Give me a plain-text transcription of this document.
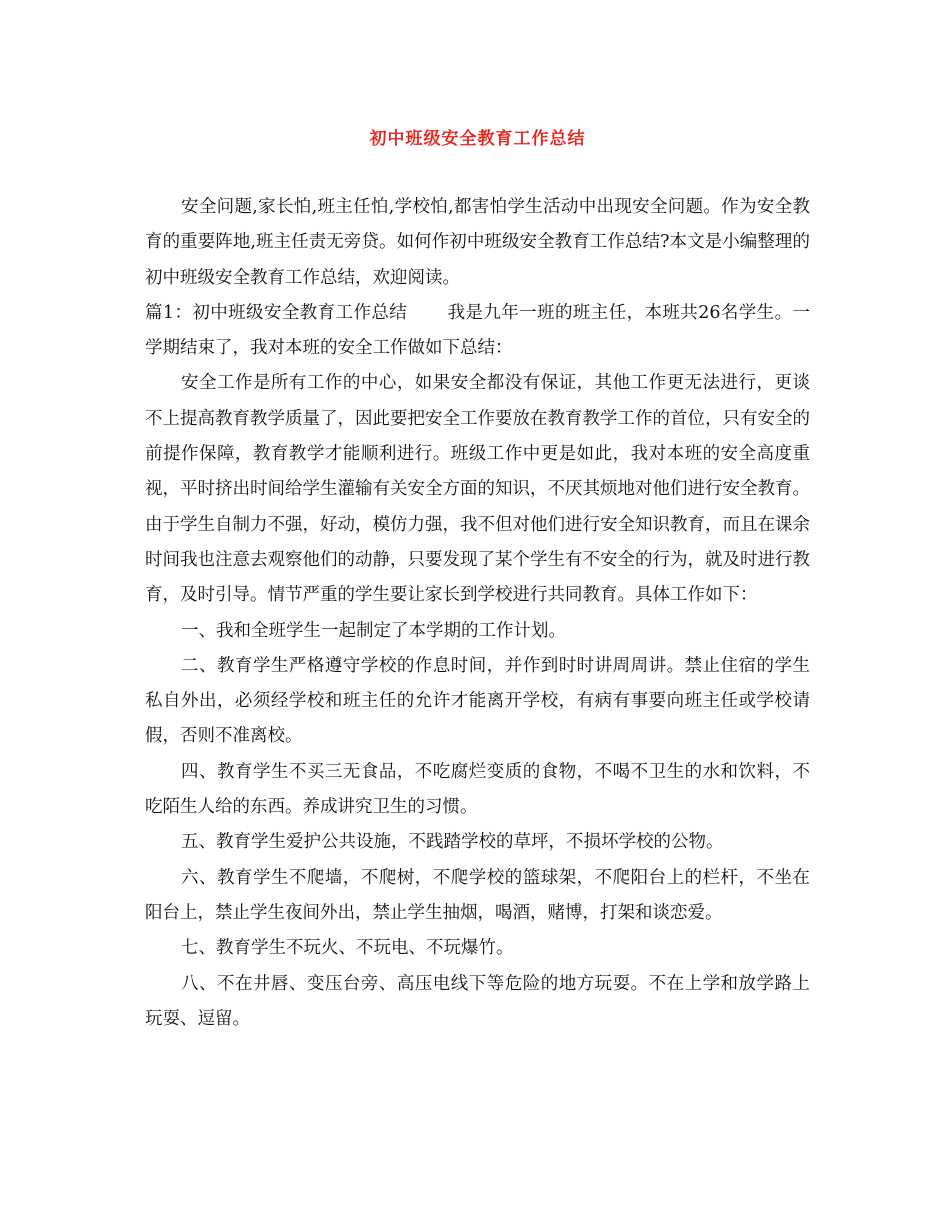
初中班级安全教育工作总结

安全问题,家长怕,班主任怕,学校怕,都害怕学生活动中出现安全问题。作为安全教育的重要阵地,班主任责无旁贷。如何作初中班级安全教育工作总结?本文是小编整理的初中班级安全教育工作总结，欢迎阅读。

篇1：初中班级安全教育工作总结 我是九年一班的班主任，本班共26名学生。一学期结束了，我对本班的安全工作做如下总结：

安全工作是所有工作的中心，如果安全都没有保证，其他工作更无法进行，更谈不上提高教育教学质量了，因此要把安全工作要放在教育教学工作的首位，只有安全的前提作保障，教育教学才能顺利进行。班级工作中更是如此，我对本班的安全高度重视，平时挤出时间给学生灌输有关安全方面的知识，不厌其烦地对他们进行安全教育。由于学生自制力不强，好动，模仿力强，我不但对他们进行安全知识教育，而且在课余时间我也注意去观察他们的动静，只要发现了某个学生有不安全的行为，就及时进行教育，及时引导。情节严重的学生要让家长到学校进行共同教育。具体工作如下：

一、我和全班学生一起制定了本学期的工作计划。

二、教育学生严格遵守学校的作息时间，并作到时时讲周周讲。禁止住宿的学生私自外出，必须经学校和班主任的允许才能离开学校，有病有事要向班主任或学校请假，否则不准离校。

四、教育学生不买三无食品，不吃腐烂变质的食物，不喝不卫生的水和饮料，不吃陌生人给的东西。养成讲究卫生的习惯。

五、教育学生爱护公共设施，不践踏学校的草坪，不损坏学校的公物。

六、教育学生不爬墙，不爬树，不爬学校的篮球架，不爬阳台上的栏杆，不坐在阳台上，禁止学生夜间外出，禁止学生抽烟，喝酒，赌博，打架和谈恋爱。

七、教育学生不玩火、不玩电、不玩爆竹。

八、不在井唇、变压台旁、高压电线下等危险的地方玩耍。不在上学和放学路上玩耍、逗留。
